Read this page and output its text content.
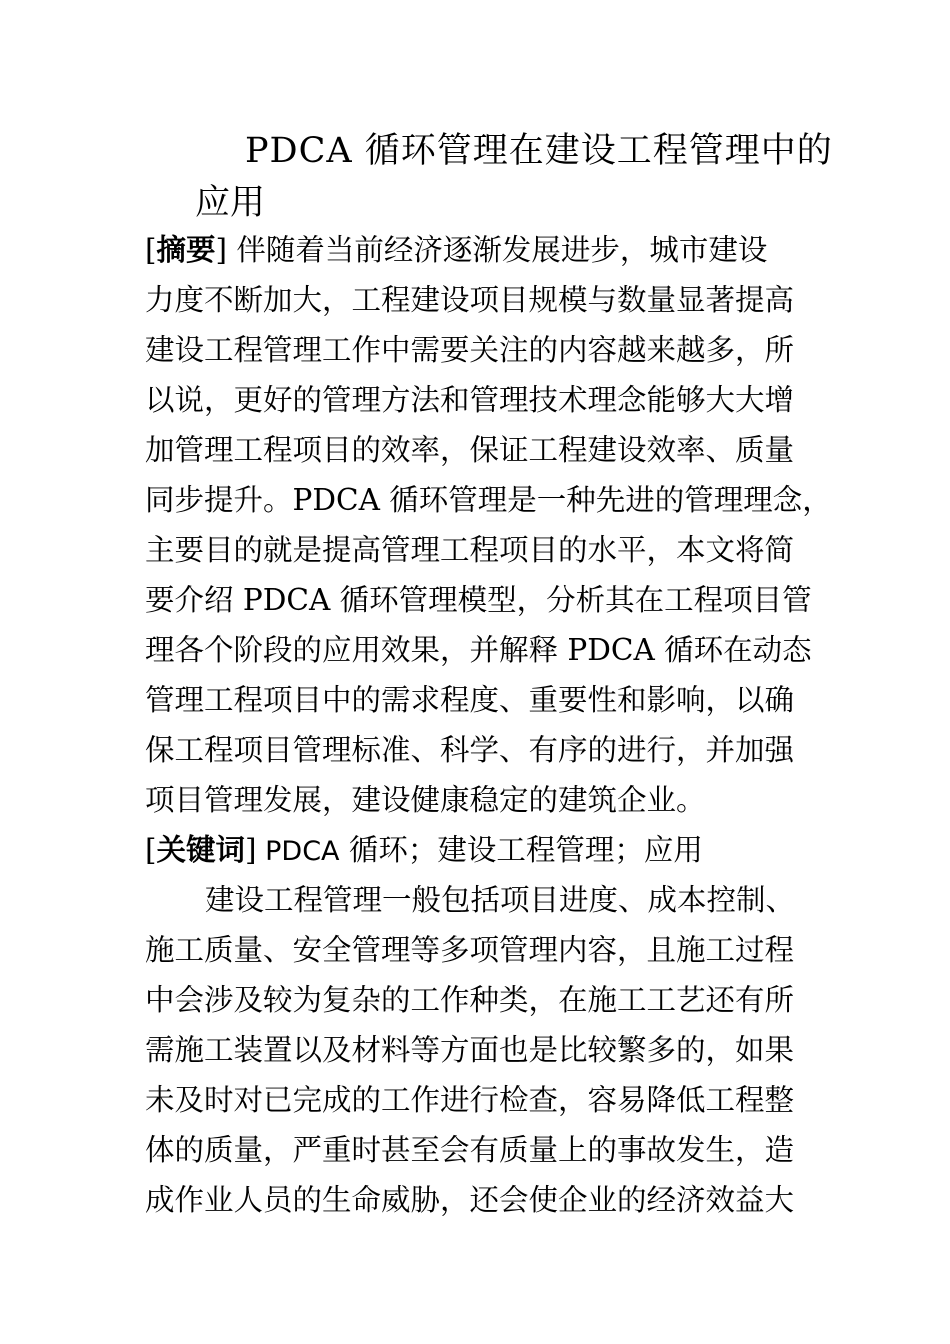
PDCA 循环管理在建设工程管理中的
应用

[摘要] 伴随着当前经济逐渐发展进步，城市建设

力度不断加大，工程建设项目规模与数量显著提高

建设工程管理工作中需要关注的内容越来越多，所

以说，更好的管理方法和管理技术理念能够大大增

加管理工程项目的效率，保证工程建设效率、质量

同步提升。PDCA 循环管理是一种先进的管理理念，

主要目的就是提高管理工程项目的水平，本文将简

要介绍 PDCA 循环管理模型，分析其在工程项目管

理各个阶段的应用效果，并解释 PDCA 循环在动态

管理工程项目中的需求程度、重要性和影响，以确

保工程项目管理标准、科学、有序的进行，并加强

项目管理发展，建设健康稳定的建筑企业。

[关键词] PDCA 循环；建设工程管理；应用

建设工程管理一般包括项目进度、成本控制、

施工质量、安全管理等多项管理内容，且施工过程

中会涉及较为复杂的工作种类，在施工工艺还有所

需施工装置以及材料等方面也是比较繁多的，如果

未及时对已完成的工作进行检查，容易降低工程整

体的质量，严重时甚至会有质量上的事故发生，造

成作业人员的生命威胁，还会使企业的经济效益大
